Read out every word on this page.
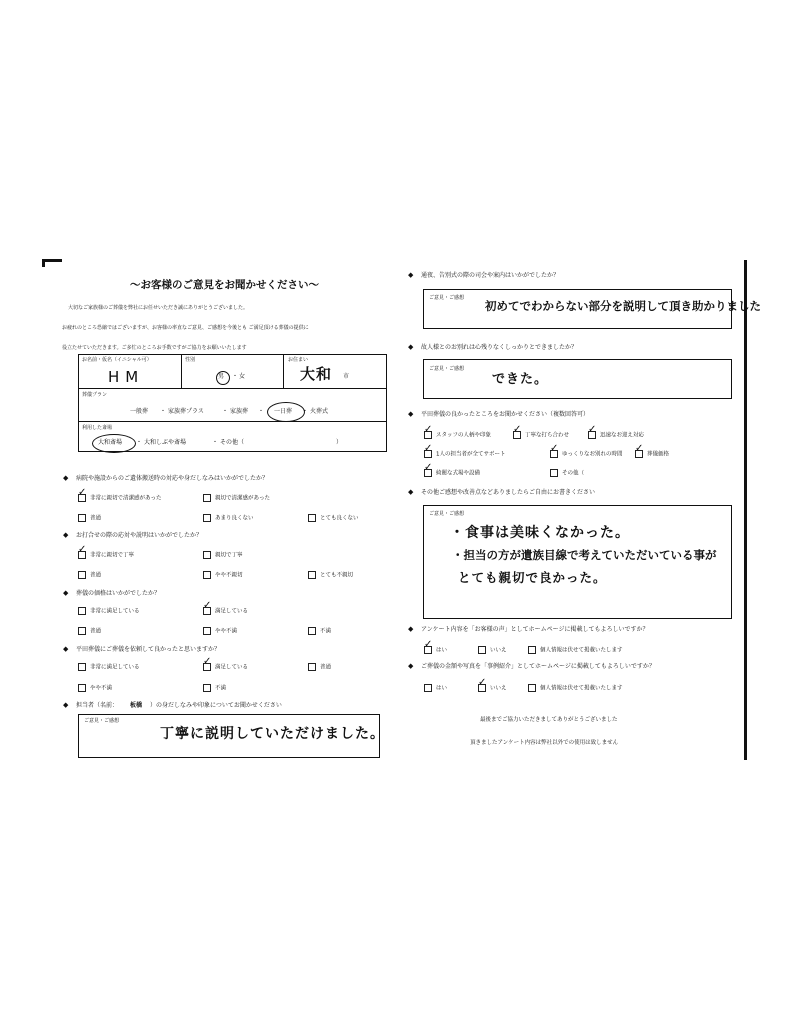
〜お客様のご意見をお聞かせください〜
大切なご家族様のご葬儀を弊社にお任せいただき誠にありがとうございました。
お疲れのところ恐縮ではございますが、お客様の率直なご意見、ご感想を今後とも ご満足頂ける葬儀の提供に
役立たせていただきます。ご多忙のところお手数ですがご協力をお願いいたします
お名前・仮名（イニシャル可）
HM
性別
男 ・ 女
お住まい
大和 市
葬儀プラン
一般葬 ・ 家族葬プラス	・ 家族葬 ・ 一日葬 ・ 火葬式
利用した斎場
大和斎場 ・ 大和しぶや斎場	・ その他（	）
◆ 病院や施設からのご遺体搬送時の対応や身だしなみはいかがでしたか？
✓非常に親切で清潔感があった	親切で清潔感があった
普通	あまり良くない	とても良くない
◆ お打合せの際の応対や説明はいかがでしたか？
✓非常に親切で丁寧	親切で丁寧
普通	やや不親切	とても不親切
◆ 葬儀の価格はいかがでしたか？
非常に満足している ✓	満足している
普通	やや不満	不満
◆ 平田葬儀にご葬儀を依頼して良かったと思いますか？
非常に満足している ✓	満足している	普通
やや不満	不満
◆ 担当者（名前： 板橋 ）の身だしなみや印象についてお聞かせください
ご意見・ご感想
丁寧に説明していただけました。
◆ 通夜、告別式の際の司会や案内はいかがでしたか？
ご意見・ご感想
初めてでわからない部分を説明して頂き助かりました
◆ 故人様とのお別れは心残りなくしっかりとできましたか？
ご意見・ご感想
できた。
◆ 平田葬儀の良かったところをお聞かせください（複数回答可）
✓スタッフの人柄や印象 ✓	丁寧な打ち合わせ ✓	迅速なお迎え対応
✓1人の担当者が全てサポート ✓	ゆっくりなお別れの時間 ✓	葬儀価格
✓綺麗な式場や設備	その他（
◆ その他ご感想や改善点などありましたらご自由にお書きください
ご意見・ご感想
・食事は美味くなかった。
・担当の方が遺族目線で考えていただいている事が
とても親切で良かった。
◆ アンケート内容を「お客様の声」としてホームページに掲載してもよろしいですか？
✓はい	いいえ	個人情報は伏せて掲載いたします
◆ ご葬儀の金額や写真を「事例紹介」としてホームページに掲載してもよろしいですか？
はい ✓	いいえ	個人情報は伏せて掲載いたします
最後までご協力いただきましてありがとうございました
頂きましたアンケート内容は弊社以外での使用は致しません
